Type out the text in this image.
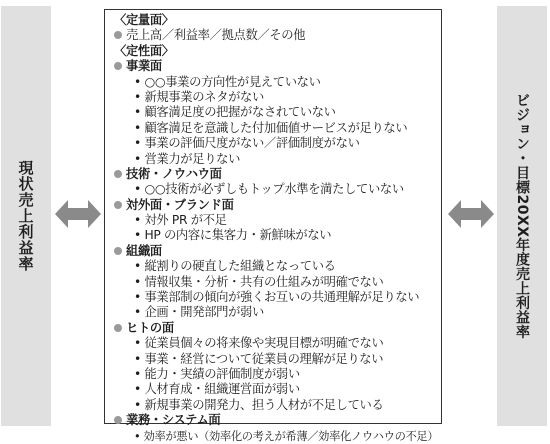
現状売上利益率
〈定量面〉
売上高／利益率／拠点数／その他
〈定性面〉
事業面
• ○○事業の方向性が見えていない
• 新規事業のネタがない
• 顧客満足度の把握がなされていない
• 顧客満足を意識した付加価値サービスが足りない
• 事業の評価尺度がない／評価制度がない
• 営業力が足りない
技術・ノウハウ面
• ○○技術が必ずしもトップ水準を満たしていない
対外面・ブランド面
• 対外 PR が不足
• HP の内容に集客力・新鮮味がない
組織面
• 縦割りの硬直した組織となっている
• 情報収集・分析・共有の仕組みが明確でない
• 事業部制の傾向が強くお互いの共通理解が足りない
• 企画・開発部門が弱い
ヒトの面
• 従業員個々の将来像や実現目標が明確でない
• 事業・経営について従業員の理解が足りない
• 能力・実績の評価制度が弱い
• 人材育成・組織運営面が弱い
• 新規事業の開発力、担う人材が不足している
業務・システム面
• 効率が悪い（効率化の考えが希薄／効率化ノウハウの不足）
ビジョン・目標20XX年度売上利益率
